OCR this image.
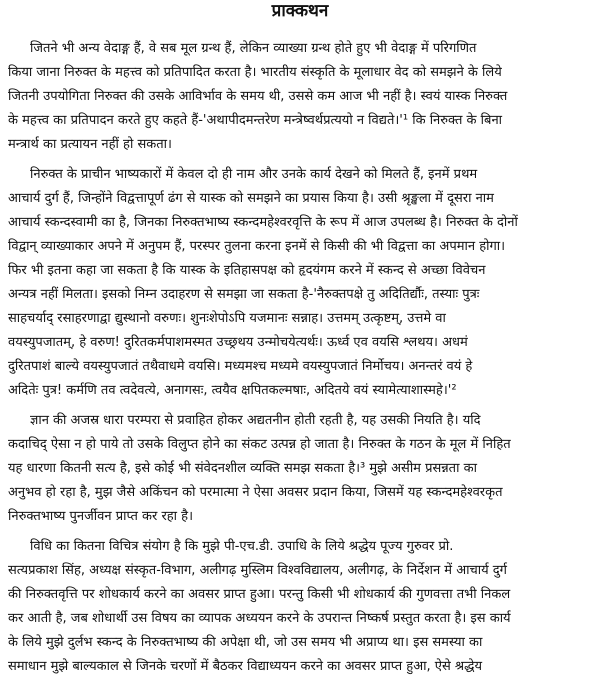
प्राक्कथन
जितने भी अन्य वेदाङ्ग हैं, वे सब मूल ग्रन्थ हैं, लेकिन व्याख्या ग्रन्थ होते हुए भी वेदाङ्ग में परिगणित
किया जाना निरुक्त के महत्त्व को प्रतिपादित करता है। भारतीय संस्कृति के मूलाधार वेद को समझने के लिये
जितनी उपयोगिता निरुक्त की उसके आविर्भाव के समय थी, उससे कम आज भी नहीं है। स्वयं यास्क निरुक्त
के महत्त्व का प्रतिपादन करते हुए कहते हैं-'अथापीदमन्तरेण मन्त्रेष्वर्थप्रत्ययो न विद्यते।'¹ कि निरुक्त के बिना
मन्त्रार्थ का प्रत्यायन नहीं हो सकता।
निरुक्त के प्राचीन भाष्यकारों में केवल दो ही नाम और उनके कार्य देखने को मिलते हैं, इनमें प्रथम
आचार्य दुर्ग हैं, जिन्होंने विद्वत्तापूर्ण ढंग से यास्क को समझने का प्रयास किया है। उसी श्रृङ्खला में दूसरा नाम
आचार्य स्कन्दस्वामी का है, जिनका निरुक्तभाष्य स्कन्दमहेश्वरवृत्ति के रूप में आज उपलब्ध है। निरुक्त के दोनों
विद्वान् व्याख्याकार अपने में अनुपम हैं, परस्पर तुलना करना इनमें से किसी की भी विद्वत्ता का अपमान होगा।
फिर भी इतना कहा जा सकता है कि यास्क के इतिहासपक्ष को हृदयंगम करने में स्कन्द से अच्छा विवेचन
अन्यत्र नहीं मिलता। इसको निम्न उदाहरण से समझा जा सकता है-'नैरुक्तपक्षे तु अदितिर्द्यौः, तस्याः पुत्रः
साहचर्याद् रसाहरणाद्वा द्युस्थानो वरुणः। शुनःशेपोऽपि यजमानः सन्नाह। उत्तमम् उत्कृष्टम्, उत्तमे वा
वयस्युपजातम्, हे वरुण! दुरितकर्मपाशमस्मत उच्छ्रथय उन्मोचयेत्यर्थः। ऊर्ध्व एव वयसि श्लथय। अधमं
दुरितपाशं बाल्ये वयस्युपजातं तथैवाधमे वयसि। मध्यमश्च मध्यमे वयस्युपजातं निर्मोचय। अनन्तरं वयं हे
अदितेः पुत्र! कर्मणि तव त्वदेवत्ये, अनागसः, त्वयैव क्षपितकल्मषाः, अदितये वयं स्यामेत्याशास्महे।'²
ज्ञान की अजस्र धारा परम्परा से प्रवाहित होकर अद्यतनीन होती रहती है, यह उसकी नियति है। यदि
कदाचिद् ऐसा न हो पाये तो उसके विलुप्त होने का संकट उत्पन्न हो जाता है। निरुक्त के गठन के मूल में निहित
यह धारणा कितनी सत्य है, इसे कोई भी संवेदनशील व्यक्ति समझ सकता है।³ मुझे असीम प्रसन्नता का
अनुभव हो रहा है, मुझ जैसे अकिंचन को परमात्मा ने ऐसा अवसर प्रदान किया, जिसमें यह स्कन्दमहेश्वरकृत
निरुक्तभाष्य पुनर्जीवन प्राप्त कर रहा है।
विधि का कितना विचित्र संयोग है कि मुझे पी-एच.डी. उपाधि के लिये श्रद्धेय पूज्य गुरुवर प्रो.
सत्यप्रकाश सिंह, अध्यक्ष संस्कृत-विभाग, अलीगढ़ मुस्लिम विश्वविद्यालय, अलीगढ़, के निर्देशन में आचार्य दुर्ग
की निरुक्तवृत्ति पर शोधकार्य करने का अवसर प्राप्त हुआ। परन्तु किसी भी शोधकार्य की गुणवत्ता तभी निकल
कर आती है, जब शोधार्थी उस विषय का व्यापक अध्ययन करने के उपरान्त निष्कर्ष प्रस्तुत करता है। इस कार्य
के लिये मुझे दुर्लभ स्कन्द के निरुक्तभाष्य की अपेक्षा थी, जो उस समय भी अप्राप्य था। इस समस्या का
समाधान मुझे बाल्यकाल से जिनके चरणों में बैठकर विद्याध्ययन करने का अवसर प्राप्त हुआ, ऐसे श्रद्धेय
